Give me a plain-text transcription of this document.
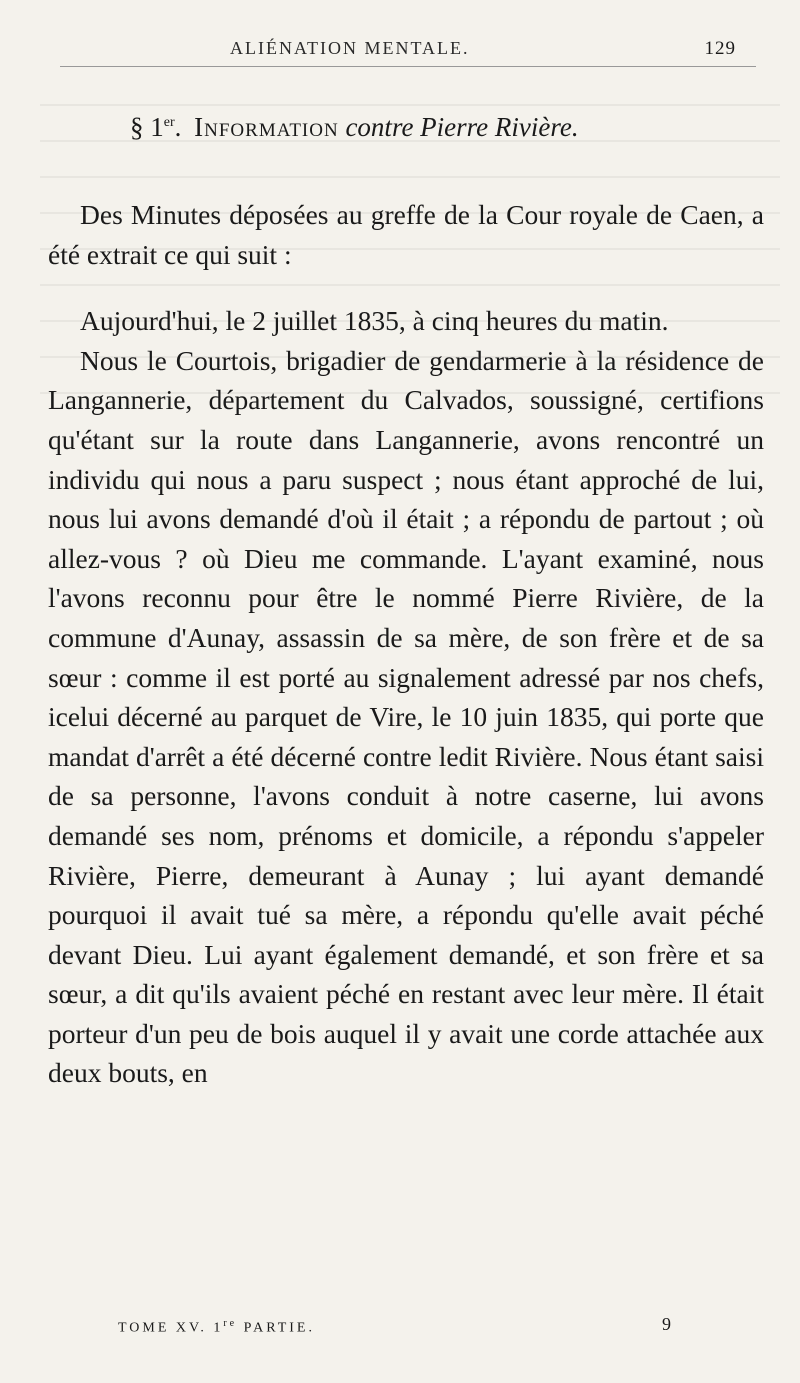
ALIÉNATION MENTALE.	129
§ 1er. Information contre Pierre Rivière.

Des Minutes déposées au greffe de la Cour royale de Caen, a été extrait ce qui suit :

Aujourd'hui, le 2 juillet 1835, à cinq heures du matin.

Nous le Courtois, brigadier de gendarmerie à la résidence de Langannerie, département du Calvados, soussigné, certifions qu'étant sur la route dans Langannerie, avons rencontré un individu qui nous a paru suspect ; nous étant approché de lui, nous lui avons demandé d'où il était ; a répondu de partout ; où allez-vous ? où Dieu me commande. L'ayant examiné, nous l'avons reconnu pour être le nommé Pierre Rivière, de la commune d'Aunay, assassin de sa mère, de son frère et de sa sœur : comme il est porté au signalement adressé par nos chefs, icelui décerné au parquet de Vire, le 10 juin 1835, qui porte que mandat d'arrêt a été décerné contre ledit Rivière. Nous étant saisi de sa personne, l'avons conduit à notre caserne, lui avons demandé ses nom, prénoms et domicile, a répondu s'appeler Rivière, Pierre, demeurant à Aunay ; lui ayant demandé pourquoi il avait tué sa mère, a répondu qu'elle avait péché devant Dieu. Lui ayant également demandé, et son frère et sa sœur, a dit qu'ils avaient péché en restant avec leur mère. Il était porteur d'un peu de bois auquel il y avait une corde attachée aux deux bouts, en

TOME XV. 1re PARTIE.	9
